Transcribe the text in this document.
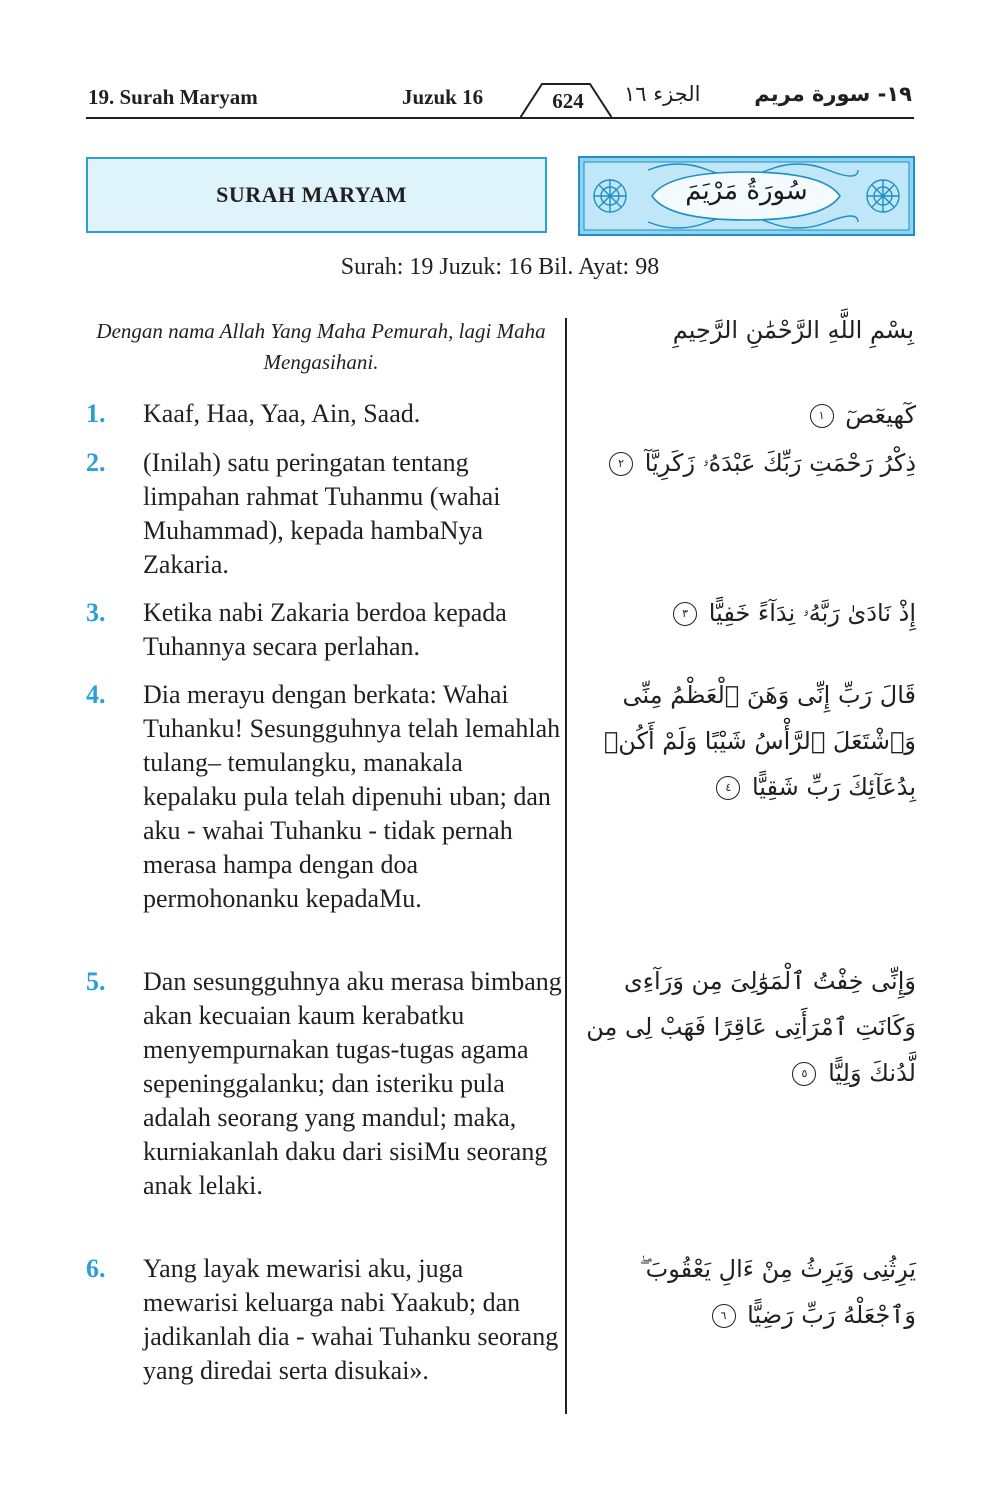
19. Surah Maryam	Juzuk 16	624 الجزء ١٦	١٩- سورة مريم
SURAH MARYAM	سُورَةُ مَرْيَمَ
Surah: 19 Juzuk: 16 Bil. Ayat: 98
Dengan nama Allah Yang Maha Pemurah, lagi Maha Mengasihani.
بِسْمِ اللَّهِ الرَّحْمَٰنِ الرَّحِيمِ
1. Kaaf, Haa, Yaa, Ain, Saad.
2. (Inilah) satu peringatan tentang limpahan rahmat Tuhanmu (wahai Muhammad), kepada hambaNya Zakaria.
3. Ketika nabi Zakaria berdoa kepada Tuhannya secara perlahan.
4. Dia merayu dengan berkata: Wahai Tuhanku! Sesungguhnya telah lemahlah tulang– temulangku, manakala kepalaku pula telah dipenuhi uban; dan aku - wahai Tuhanku - tidak pernah merasa hampa dengan doa permohonanku kepadaMu.
5. Dan sesungguhnya aku merasa bimbang akan kecuaian kaum kerabatku menyempurnakan tugas-tugas agama sepeninggalanku; dan isteriku pula adalah seorang yang mandul; maka, kurniakanlah daku dari sisiMu seorang anak lelaki.
6. Yang layak mewarisi aku, juga mewarisi keluarga nabi Yaakub; dan jadikanlah dia - wahai Tuhanku seorang yang diredai serta disukai».
كٓهيعٓصٓ ١
ذِكْرُ رَحْمَتِ رَبِّكَ عَبْدَهُۥ زَكَرِيَّآ ٢
إِذْ نَادَىٰ رَبَّهُۥ نِدَآءً خَفِيًّا ٣
قَالَ رَبِّ إِنِّى وَهَنَ ٱلْعَظْمُ مِنِّى وَٱشْتَعَلَ ٱلرَّأْسُ شَيْبًا وَلَمْ أَكُنۢ بِدُعَآئِكَ رَبِّ شَقِيًّا ٤
وَإِنِّى خِفْتُ ٱلْمَوَٰلِىَ مِن وَرَآءِى وَكَانَتِ ٱمْرَأَتِى عَاقِرًا فَهَبْ لِى مِن لَّدُنكَ وَلِيًّا ٥
يَرِثُنِى وَيَرِثُ مِنْ ءَالِ يَعْقُوبَ ۖ وَٱجْعَلْهُ رَبِّ رَضِيًّا ٦
